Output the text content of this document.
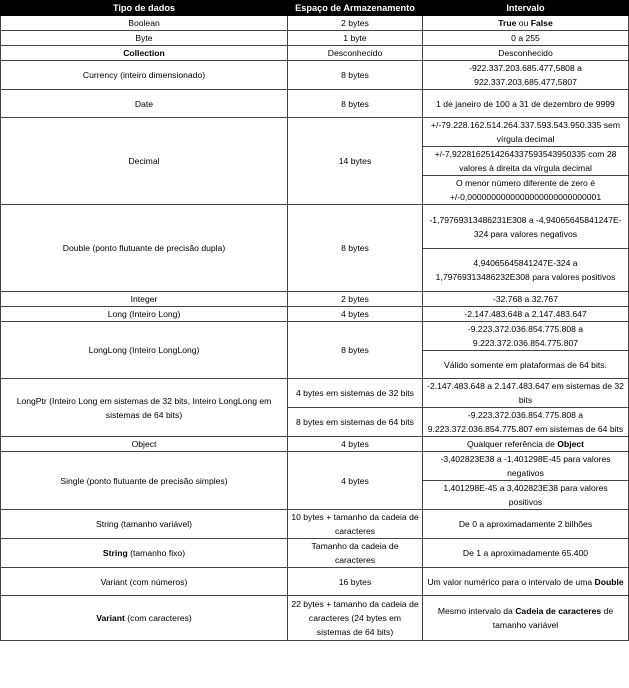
Tipo de dados	Espaço de Armazenamento	Intervalo
Boolean	2 bytes	True ou False
Byte	1 byte	0 a 255
Collection	Desconhecido	Desconhecido
Currency (inteiro dimensionado)	8 bytes	-922.337.203.685.477,5808 a 922.337.203.685.477,5807
Date	8 bytes	1 de janeiro de 100 a 31 de dezembro de 9999
Decimal	14 bytes	+/-79.228.162.514.264.337.593.543.950.335 sem vírgula decimal
		+/-7,9228162514264337593543950335 com 28 valores à direita da vírgula decimal
		O menor número diferente de zero é +/-0,0000000000000000000000000001
Double (ponto flutuante de precisão dupla)	8 bytes	-1,79769313486231E308 a -4,94065645841247E-324 para valores negativos
		4,94065645841247E-324 a 1,79769313486232E308 para valores positivos
Integer	2 bytes	-32.768 a 32.767
Long (Inteiro Long)	4 bytes	-2.147.483.648 a 2.147.483.647
LongLong (Inteiro LongLong)	8 bytes	-9.223.372.036.854.775.808 a 9.223.372.036.854.775.807
		Válido somente em plataformas de 64 bits.
LongPtr (Inteiro Long em sistemas de 32 bits, Inteiro LongLong em sistemas de 64 bits)	4 bytes em sistemas de 32 bits	-2.147.483.648 a 2.147.483.647 em sistemas de 32 bits
	8 bytes em sistemas de 64 bits	-9.223.372.036.854.775.808 a 9.223.372.036.854.775.807 em sistemas de 64 bits
Object	4 bytes	Qualquer referência de Object
Single (ponto flutuante de precisão simples)	4 bytes	-3,402823E38 a -1,401298E-45 para valores negativos
		1,401298E-45 a 3,402823E38 para valores positivos
String (tamanho variável)	10 bytes + tamanho da cadeia de caracteres	De 0 a aproximadamente 2 bilhões
String (tamanho fixo)	Tamanho da cadeia de caracteres	De 1 a aproximadamente 65.400
Variant (com números)	16 bytes	Um valor numérico para o intervalo de uma Double
Variant (com caracteres)	22 bytes + tamanho da cadeia de caracteres (24 bytes em sistemas de 64 bits)	Mesmo intervalo da Cadeia de caracteres de tamanho variável
